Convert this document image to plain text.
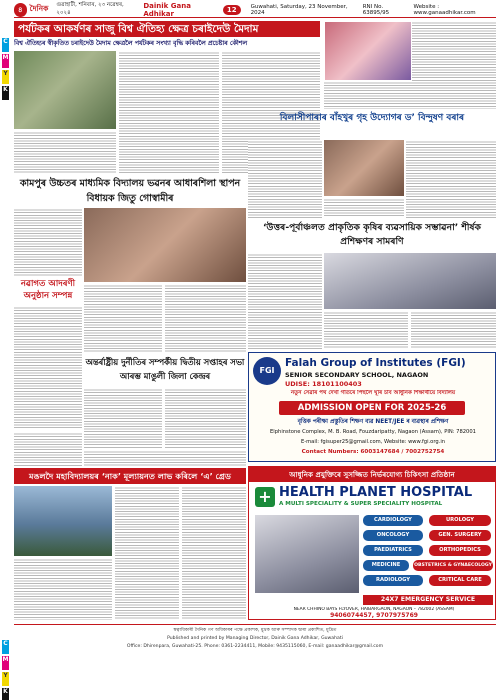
C
M
Y
K
C
M
Y
K
৪ দৈনিক গুৱাহাটী, শনিবাৰ, ২৩ নৱেম্বৰ, ২০২৪
Dainik Gana Adhikar	12	Guwahati, Saturday, 23 November, 2024
RNI No. 63895/95
Website : www.ganaadhikar.com
পৰ্যটকৰ আকৰ্ষণৰ সাজু বিশ্ব ঐতিহ্য ক্ষেত্ৰ চৰাইদেউ মৈদাম
বিশ্ব ঐতিহ্যৰ স্বীকৃতিত চৰাইদেউ মৈদাম ক্ষেত্ৰলৈ পৰ্যটকৰ সংখ্যা বৃদ্ধি কৰিবলৈ প্ৰচেষ্টাৰ কৌশল
বিলাসীপাৰাৰ বাঁহখুৰ গৃহ উদ্যোগৰ ড’ বিন্দুষণ বৰাৰ
কামপুৰ উচ্চতৰ মাধ্যমিক বিদ্যালয় ভৱনৰ আধাৰশিলা স্থাপন বিধায়ক জিতু গোস্বামীৰ
নৱাগত আদৰণী অনুষ্ঠান সম্পন্ন
‘উত্তৰ-পূৰ্বাঞ্চলত প্ৰাকৃতিক কৃষিৰ ব্যৱসায়িক সম্ভাৱনা’ শীৰ্ষক প্ৰশিক্ষণৰ সামৰণি
অন্তৰ্ৰাষ্ট্ৰীয় দুৰ্নীতিৰ সম্পৰ্কীয় দ্বিতীয় সপ্তাহৰ সভা আৰম্ভ মাঙুলী জিলা কেন্দ্ৰৰ
FGI
Falah Group of Institutes (FGI)
SENIOR SECONDARY SCHOOL, NAGAON
UDISE: 18101100403
নতুন সেৱাৰ পথ দেখা গতিৰে পিছলৈ ঘূৰি চাব আধুনিক শিক্ষাৰ্থীয়ে বিদ্যালয়
ADMISSION OPEN FOR 2025-26
বৃত্তিক পৰীক্ষা প্ৰস্তুতিৰ শিক্ষণ ব্যৱ NEET/JEE ৰ ব্যৱস্থাৰ প্ৰশিক্ষণ
Elphinstone Complex, M. B. Road, Fouzdaripatty, Nagaon (Assam), PIN: 782001
E-mail: fgisuper25@gmail.com, Website: www.fgi.org.in
Contact Numbers: 6003147684 / 7002752754
মঙলদৈ মহাবিদ্যালয়ৰ ‘নাক’ মূল্যায়নত লাভ কৰিলে ‘এ’ গ্ৰেড	আধুনিক প্ৰযুক্তিৰে সুসজ্জিত নিৰ্ভৰযোগ্য চিকিৎসা প্ৰতিষ্ঠান
+ HEALTH PLANET HOSPITAL
A MULTI SPECIALITY & SUPER SPECIALITY HOSPITAL
CARDIOLOGY	UROLOGY
ONCOLOGY	GEN. SURGERY
PAEDIATRICS	ORTHOPEDICS
MEDICINE	OBSTETRICS & GYNAECOLOGY
RADIOLOGY	CRITICAL CARE
24X7 EMERGENCY SERVICE
NEAR CHHINO BAYS FLYOVER, HAIBARGAON, NAGAON – 782002 (ASSAM)
9406074457, 9707975769
স্বত্বাধিকাৰী দৈনিক গণ অধিকাৰৰ পক্ষে প্ৰকাশক, মুদ্ৰক আৰু সম্পাদক দ্বাৰা প্ৰকাশিত, মুদ্ৰিত
Published and printed by Managing Director, Dainik Gana Adhikar, Guwahati
Office: Dhirenpara, Guwahati-25. Phone: 0361-2234411, Mobile: 9435115060, E-mail: ganaadhikar@gmail.com
